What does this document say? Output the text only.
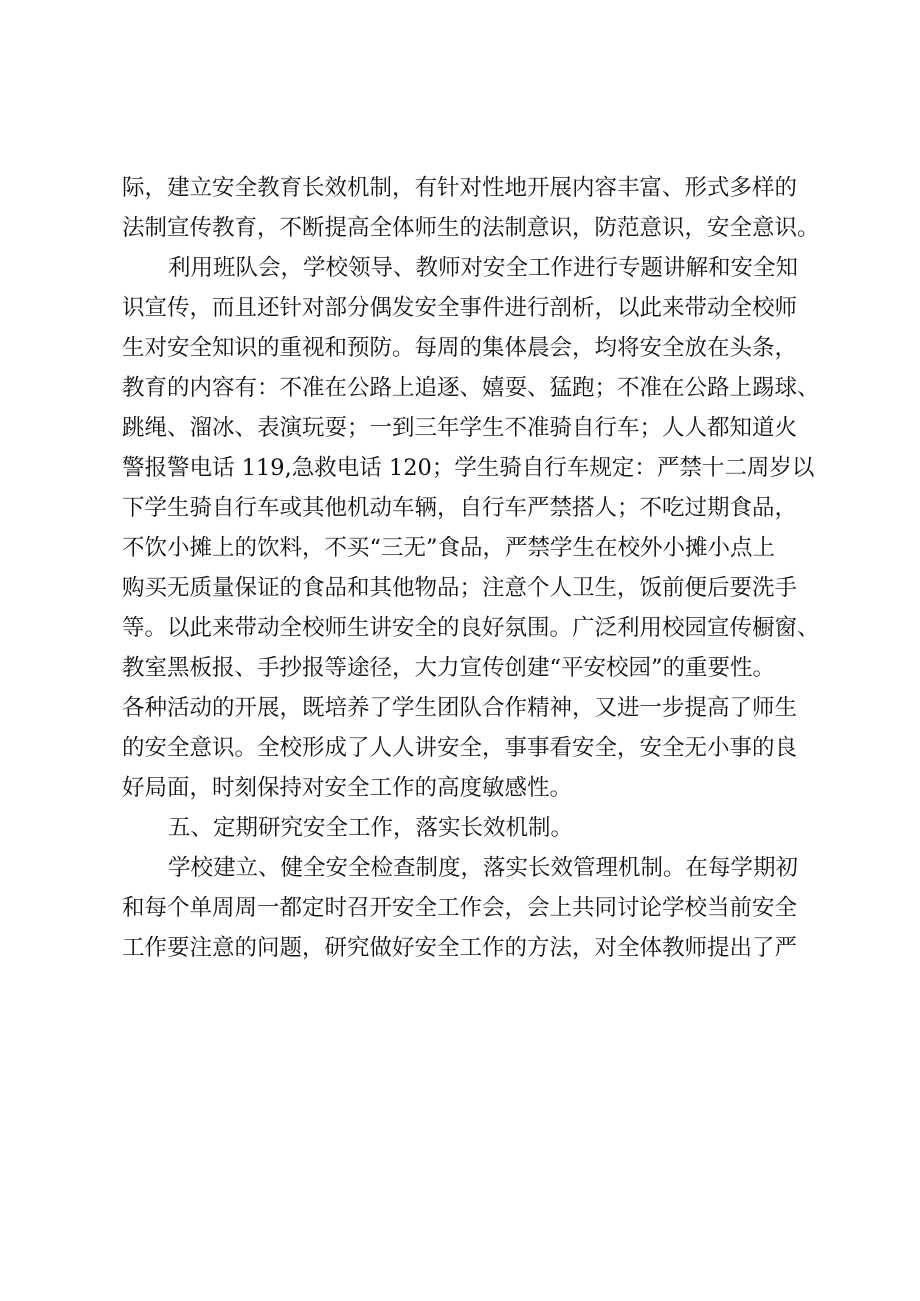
际，建立安全教育长效机制，有针对性地开展内容丰富、形式多样的
法制宣传教育，不断提高全体师生的法制意识，防范意识，安全意识。
利用班队会，学校领导、教师对安全工作进行专题讲解和安全知
识宣传，而且还针对部分偶发安全事件进行剖析，以此来带动全校师
生对安全知识的重视和预防。每周的集体晨会，均将安全放在头条，
教育的内容有：不准在公路上追逐、嬉耍、猛跑；不准在公路上踢球、
跳绳、溜冰、表演玩耍；一到三年学生不准骑自行车；人人都知道火
警报警电话 119,急救电话 120；学生骑自行车规定：严禁十二周岁以
下学生骑自行车或其他机动车辆，自行车严禁搭人；不吃过期食品，
不饮小摊上的饮料，不买“三无”食品，严禁学生在校外小摊小点上
购买无质量保证的食品和其他物品；注意个人卫生，饭前便后要洗手
等。以此来带动全校师生讲安全的良好氛围。广泛利用校园宣传橱窗、
教室黑板报、手抄报等途径，大力宣传创建“平安校园”的重要性。
各种活动的开展，既培养了学生团队合作精神，又进一步提高了师生
的安全意识。全校形成了人人讲安全，事事看安全，安全无小事的良
好局面，时刻保持对安全工作的高度敏感性。
五、定期研究安全工作，落实长效机制。
学校建立、健全安全检查制度，落实长效管理机制。在每学期初
和每个单周周一都定时召开安全工作会，会上共同讨论学校当前安全
工作要注意的问题，研究做好安全工作的方法，对全体教师提出了严
